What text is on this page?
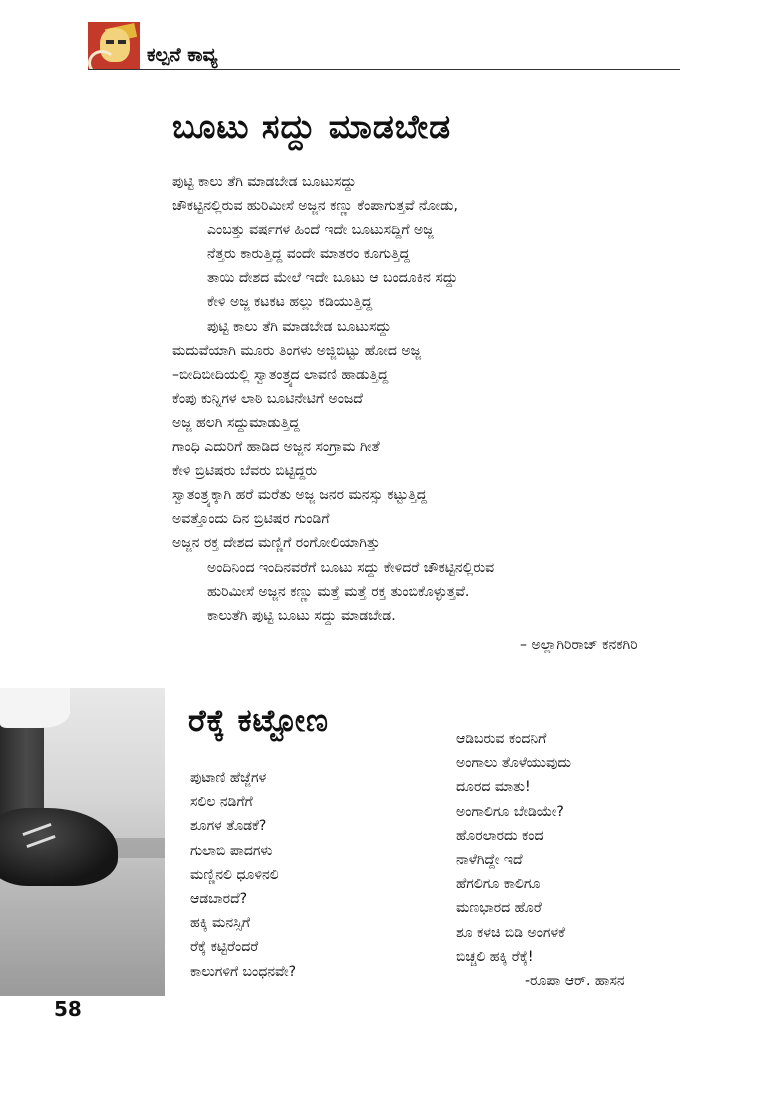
ಕಲ್ಪನೆ ಕಾವ್ಯ
ಬೂಟು ಸದ್ದು ಮಾಡಬೇಡ
ಪುಟ್ಟಿ ಕಾಲು ತೆಗಿ ಮಾಡಬೇಡ ಬೂಟುಸದ್ದು
ಚೌಕಟ್ಟಿನಲ್ಲಿರುವ ಹುರಿಮೀಸೆ ಅಜ್ಜನ ಕಣ್ಣು ಕೆಂಪಾಗುತ್ತವೆ ನೋಡು,
ಎಂಬತ್ತು ವರ್ಷಗಳ ಹಿಂದೆ ಇದೇ ಬೂಟುಸದ್ದಿಗೆ ಅಜ್ಜ
ನೆತ್ತರು ಕಾರುತ್ತಿದ್ದ ವಂದೇ ಮಾತರಂ ಕೂಗುತ್ತಿದ್ದ
ತಾಯಿ ದೇಶದ ಮೇಲೆ ಇದೇ ಬೂಟು ಆ ಬಂದೂಕಿನ ಸದ್ದು
ಕೇಳಿ ಅಜ್ಜ ಕಟಕಟ ಹಲ್ಲು ಕಡಿಯುತ್ತಿದ್ದ
ಪುಟ್ಟಿ ಕಾಲು ತೆಗಿ ಮಾಡಬೇಡ ಬೂಟುಸದ್ದು
ಮದುವೆಯಾಗಿ ಮೂರು ತಿಂಗಳು ಅಜ್ಜಿಬಿಟ್ಟು ಹೋದ ಅಜ್ಜ
–ಬೀದಿಬೀದಿಯಲ್ಲಿ ಸ್ವಾತಂತ್ರ್ಯದ ಲಾವಣಿ ಹಾಡುತ್ತಿದ್ದ
ಕೆಂಪು ಕುನ್ನಿಗಳ ಲಾಠಿ ಬೂಟಿನೇಟಿಗೆ ಅಂಜದೆ
ಅಜ್ಜ ಹಲಗಿ ಸದ್ದುಮಾಡುತ್ತಿದ್ದ
ಗಾಂಧಿ ಎದುರಿಗೆ ಹಾಡಿದ ಅಜ್ಜನ ಸಂಗ್ರಾಮ ಗೀತೆ
ಕೇಳಿ ಬ್ರಿಟಿಷರು ಬೆವರು ಬಿಟ್ಟಿದ್ದರು
ಸ್ವಾತಂತ್ರ್ಯಕ್ಕಾಗಿ ಹರೆ ಮರೆತು ಅಜ್ಜ ಜನರ ಮನಸ್ಸು ಕಟ್ಟುತ್ತಿದ್ದ
ಅವತ್ತೊಂದು ದಿನ ಬ್ರಿಟಿಷರ ಗುಂಡಿಗೆ
ಅಜ್ಜನ ರಕ್ತ ದೇಶದ ಮಣ್ಣಿಗೆ ರಂಗೋಲಿಯಾಗಿತ್ತು
ಅಂದಿನಿಂದ ಇಂದಿನವರೆಗೆ ಬೂಟು ಸದ್ದು ಕೇಳಿದರೆ ಚೌಕಟ್ಟಿನಲ್ಲಿರುವ
ಹುರಿಮೀಸೆ ಅಜ್ಜನ ಕಣ್ಣು ಮತ್ತೆ ಮತ್ತೆ ರಕ್ತ ತುಂಬಿಕೊಳ್ಳುತ್ತವೆ.
ಕಾಲುತೆಗಿ ಪುಟ್ಟಿ ಬೂಟು ಸದ್ದು ಮಾಡಬೇಡ.
– ಅಲ್ಲಾಗಿರಿರಾಜ್ ಕನಕಗಿರಿ
ರೆಕ್ಕೆ ಕಟ್ಟೋಣ
ಪುಟಾಣಿ ಹೆಜ್ಜೆಗಳ
ಸಲಿಲ ನಡಿಗೆಗೆ
ಶೂಗಳ ತೊಡಕೆ?
ಗುಲಾಬಿ ಪಾದಗಳು
ಮಣ್ಣಿನಲಿ ಧೂಳಿನಲಿ
ಆಡಬಾರದೆ?
ಹಕ್ಕಿ ಮನಸ್ಸಿಗೆ
ರೆಕ್ಕೆ ಕಟ್ಟಿರೆಂದರೆ
ಕಾಲುಗಳಿಗೆ ಬಂಧನವೇ?
ಆಡಿಬರುವ ಕಂದನಿಗೆ
ಅಂಗಾಲು ತೊಳೆಯುವುದು
ದೂರದ ಮಾತು!
ಅಂಗಾಲಿಗೂ ಬೇಡಿಯೇ?
ಹೊರಲಾರದು ಕಂದ
ನಾಳೆಗಿದ್ದೇ ಇದೆ
ಹೆಗಲಿಗೂ ಕಾಲಿಗೂ
ಮಣಭಾರದ ಹೊರೆ
ಶೂ ಕಳಚಿ ಬಿಡಿ ಅಂಗಳಕೆ
ಬಿಚ್ಚಲಿ ಹಕ್ಕಿ ರೆಕ್ಕೆ!
-ರೂಪಾ ಆರ್. ಹಾಸನ
58
